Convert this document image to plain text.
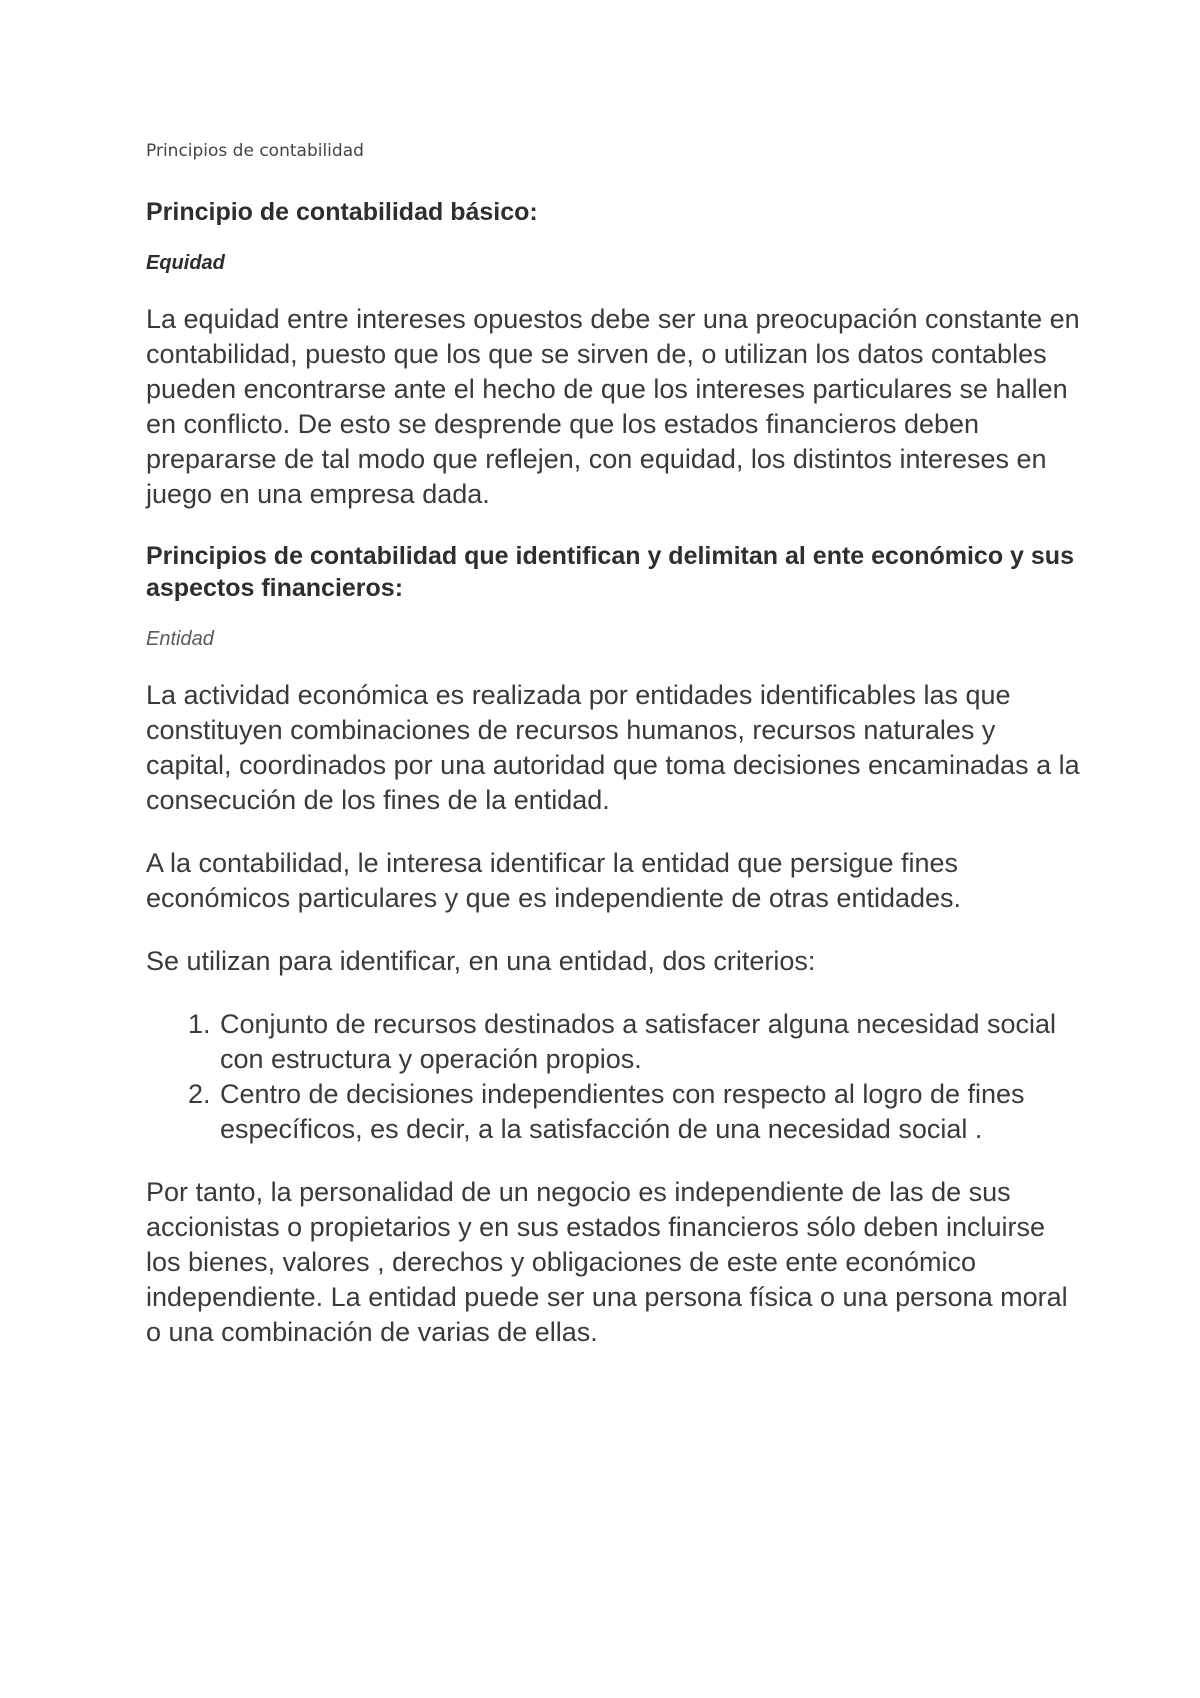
Principios de contabilidad
Principio de contabilidad básico:
Equidad

La equidad entre intereses opuestos debe ser una preocupación constante en contabilidad, puesto que los que se sirven de, o utilizan los datos contables pueden encontrarse ante el hecho de que los intereses particulares se hallen en conflicto. De esto se desprende que los estados financieros deben prepararse de tal modo que reflejen, con equidad, los distintos intereses en juego en una empresa dada.

Principios de contabilidad que identifican y delimitan al ente económico y sus aspectos financieros:
Entidad

La actividad económica es realizada por entidades identificables las que constituyen combinaciones de recursos humanos, recursos naturales y capital, coordinados por una autoridad que toma decisiones encaminadas a la consecución de los fines de la entidad.

A la contabilidad, le interesa identificar la entidad que persigue fines económicos particulares y que es independiente de otras entidades.

Se utilizan para identificar, en una entidad, dos criterios:

1. Conjunto de recursos destinados a satisfacer alguna necesidad social con estructura y operación propios.
2. Centro de decisiones independientes con respecto al logro de fines específicos, es decir, a la satisfacción de una necesidad social .

Por tanto, la personalidad de un negocio es independiente de las de sus accionistas o propietarios y en sus estados financieros sólo deben incluirse los bienes, valores , derechos y obligaciones de este ente económico independiente. La entidad puede ser una persona física o una persona moral o una combinación de varias de ellas.
